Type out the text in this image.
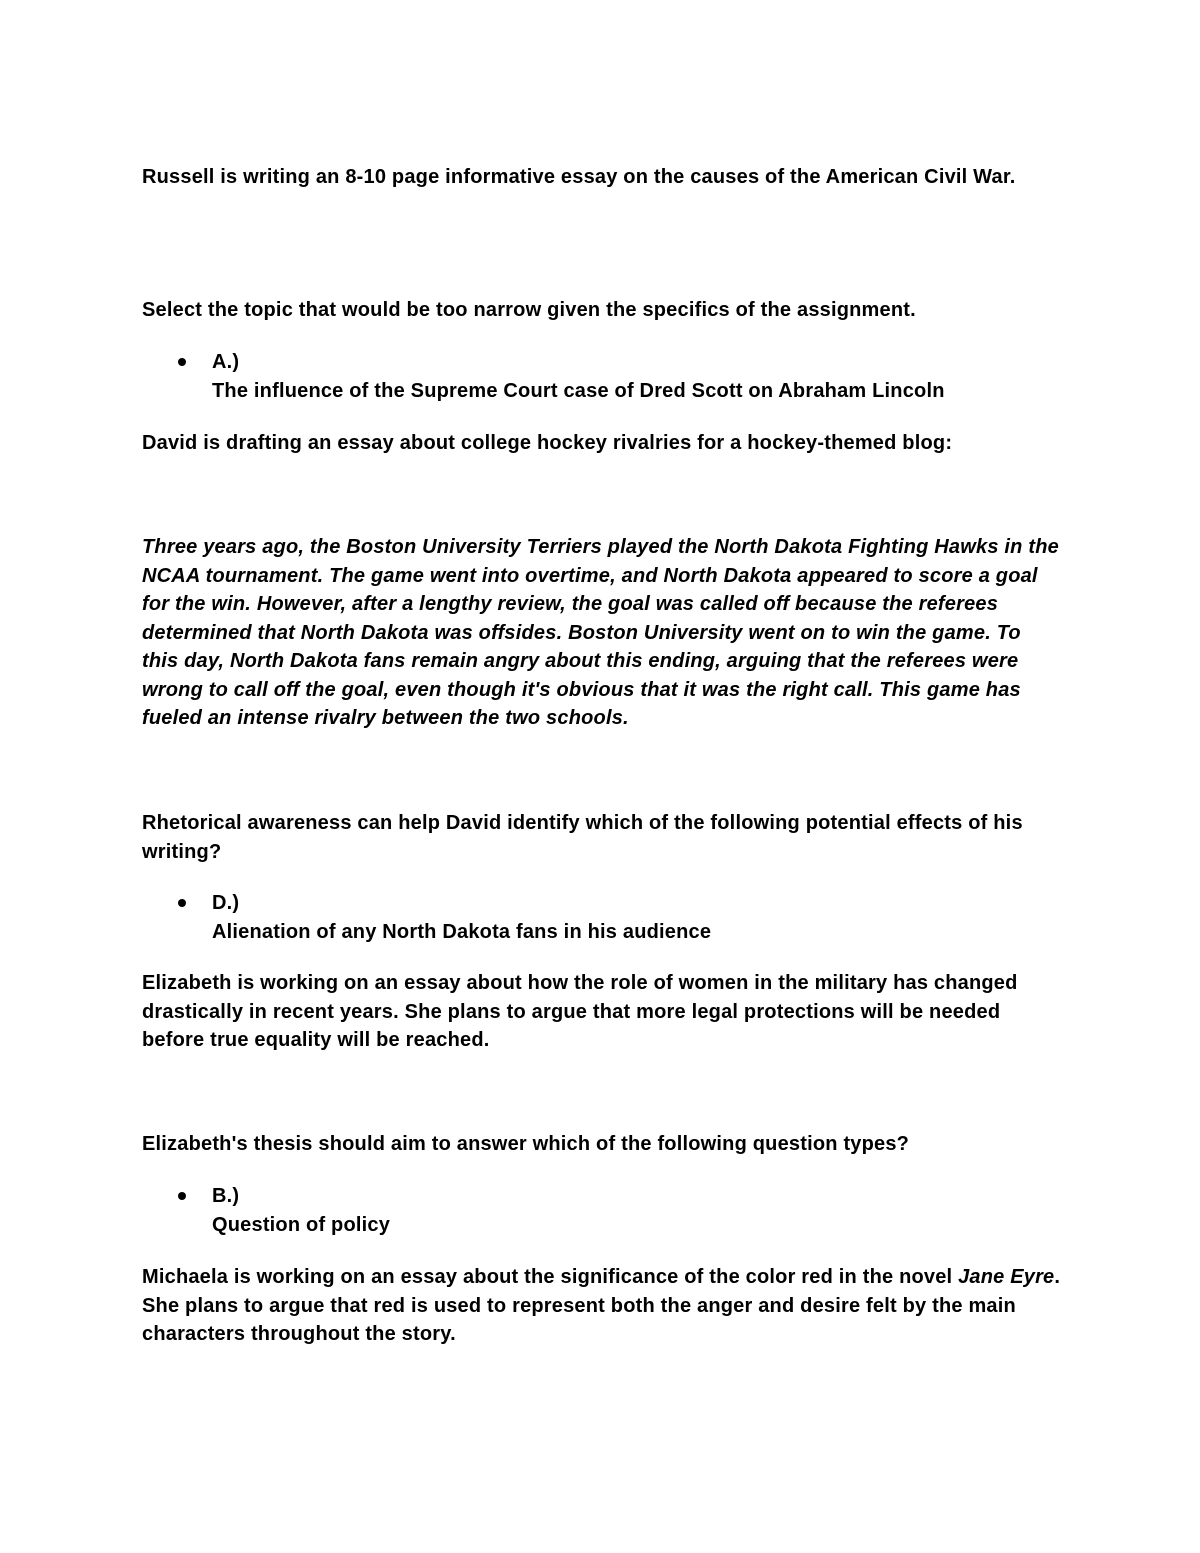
Russell is writing an 8-10 page informative essay on the causes of the American Civil War.

Select the topic that would be too narrow given the specifics of the assignment.

A.)
The influence of the Supreme Court case of Dred Scott on Abraham Lincoln

David is drafting an essay about college hockey rivalries for a hockey-themed blog:

Three years ago, the Boston University Terriers played the North Dakota Fighting Hawks in the NCAA tournament. The game went into overtime, and North Dakota appeared to score a goal for the win. However, after a lengthy review, the goal was called off because the referees determined that North Dakota was offsides. Boston University went on to win the game. To this day, North Dakota fans remain angry about this ending, arguing that the referees were wrong to call off the goal, even though it's obvious that it was the right call. This game has fueled an intense rivalry between the two schools.

Rhetorical awareness can help David identify which of the following potential effects of his writing?

D.)
Alienation of any North Dakota fans in his audience

Elizabeth is working on an essay about how the role of women in the military has changed drastically in recent years. She plans to argue that more legal protections will be needed before true equality will be reached.

Elizabeth's thesis should aim to answer which of the following question types?

B.)
Question of policy

Michaela is working on an essay about the significance of the color red in the novel Jane Eyre. She plans to argue that red is used to represent both the anger and desire felt by the main characters throughout the story.
